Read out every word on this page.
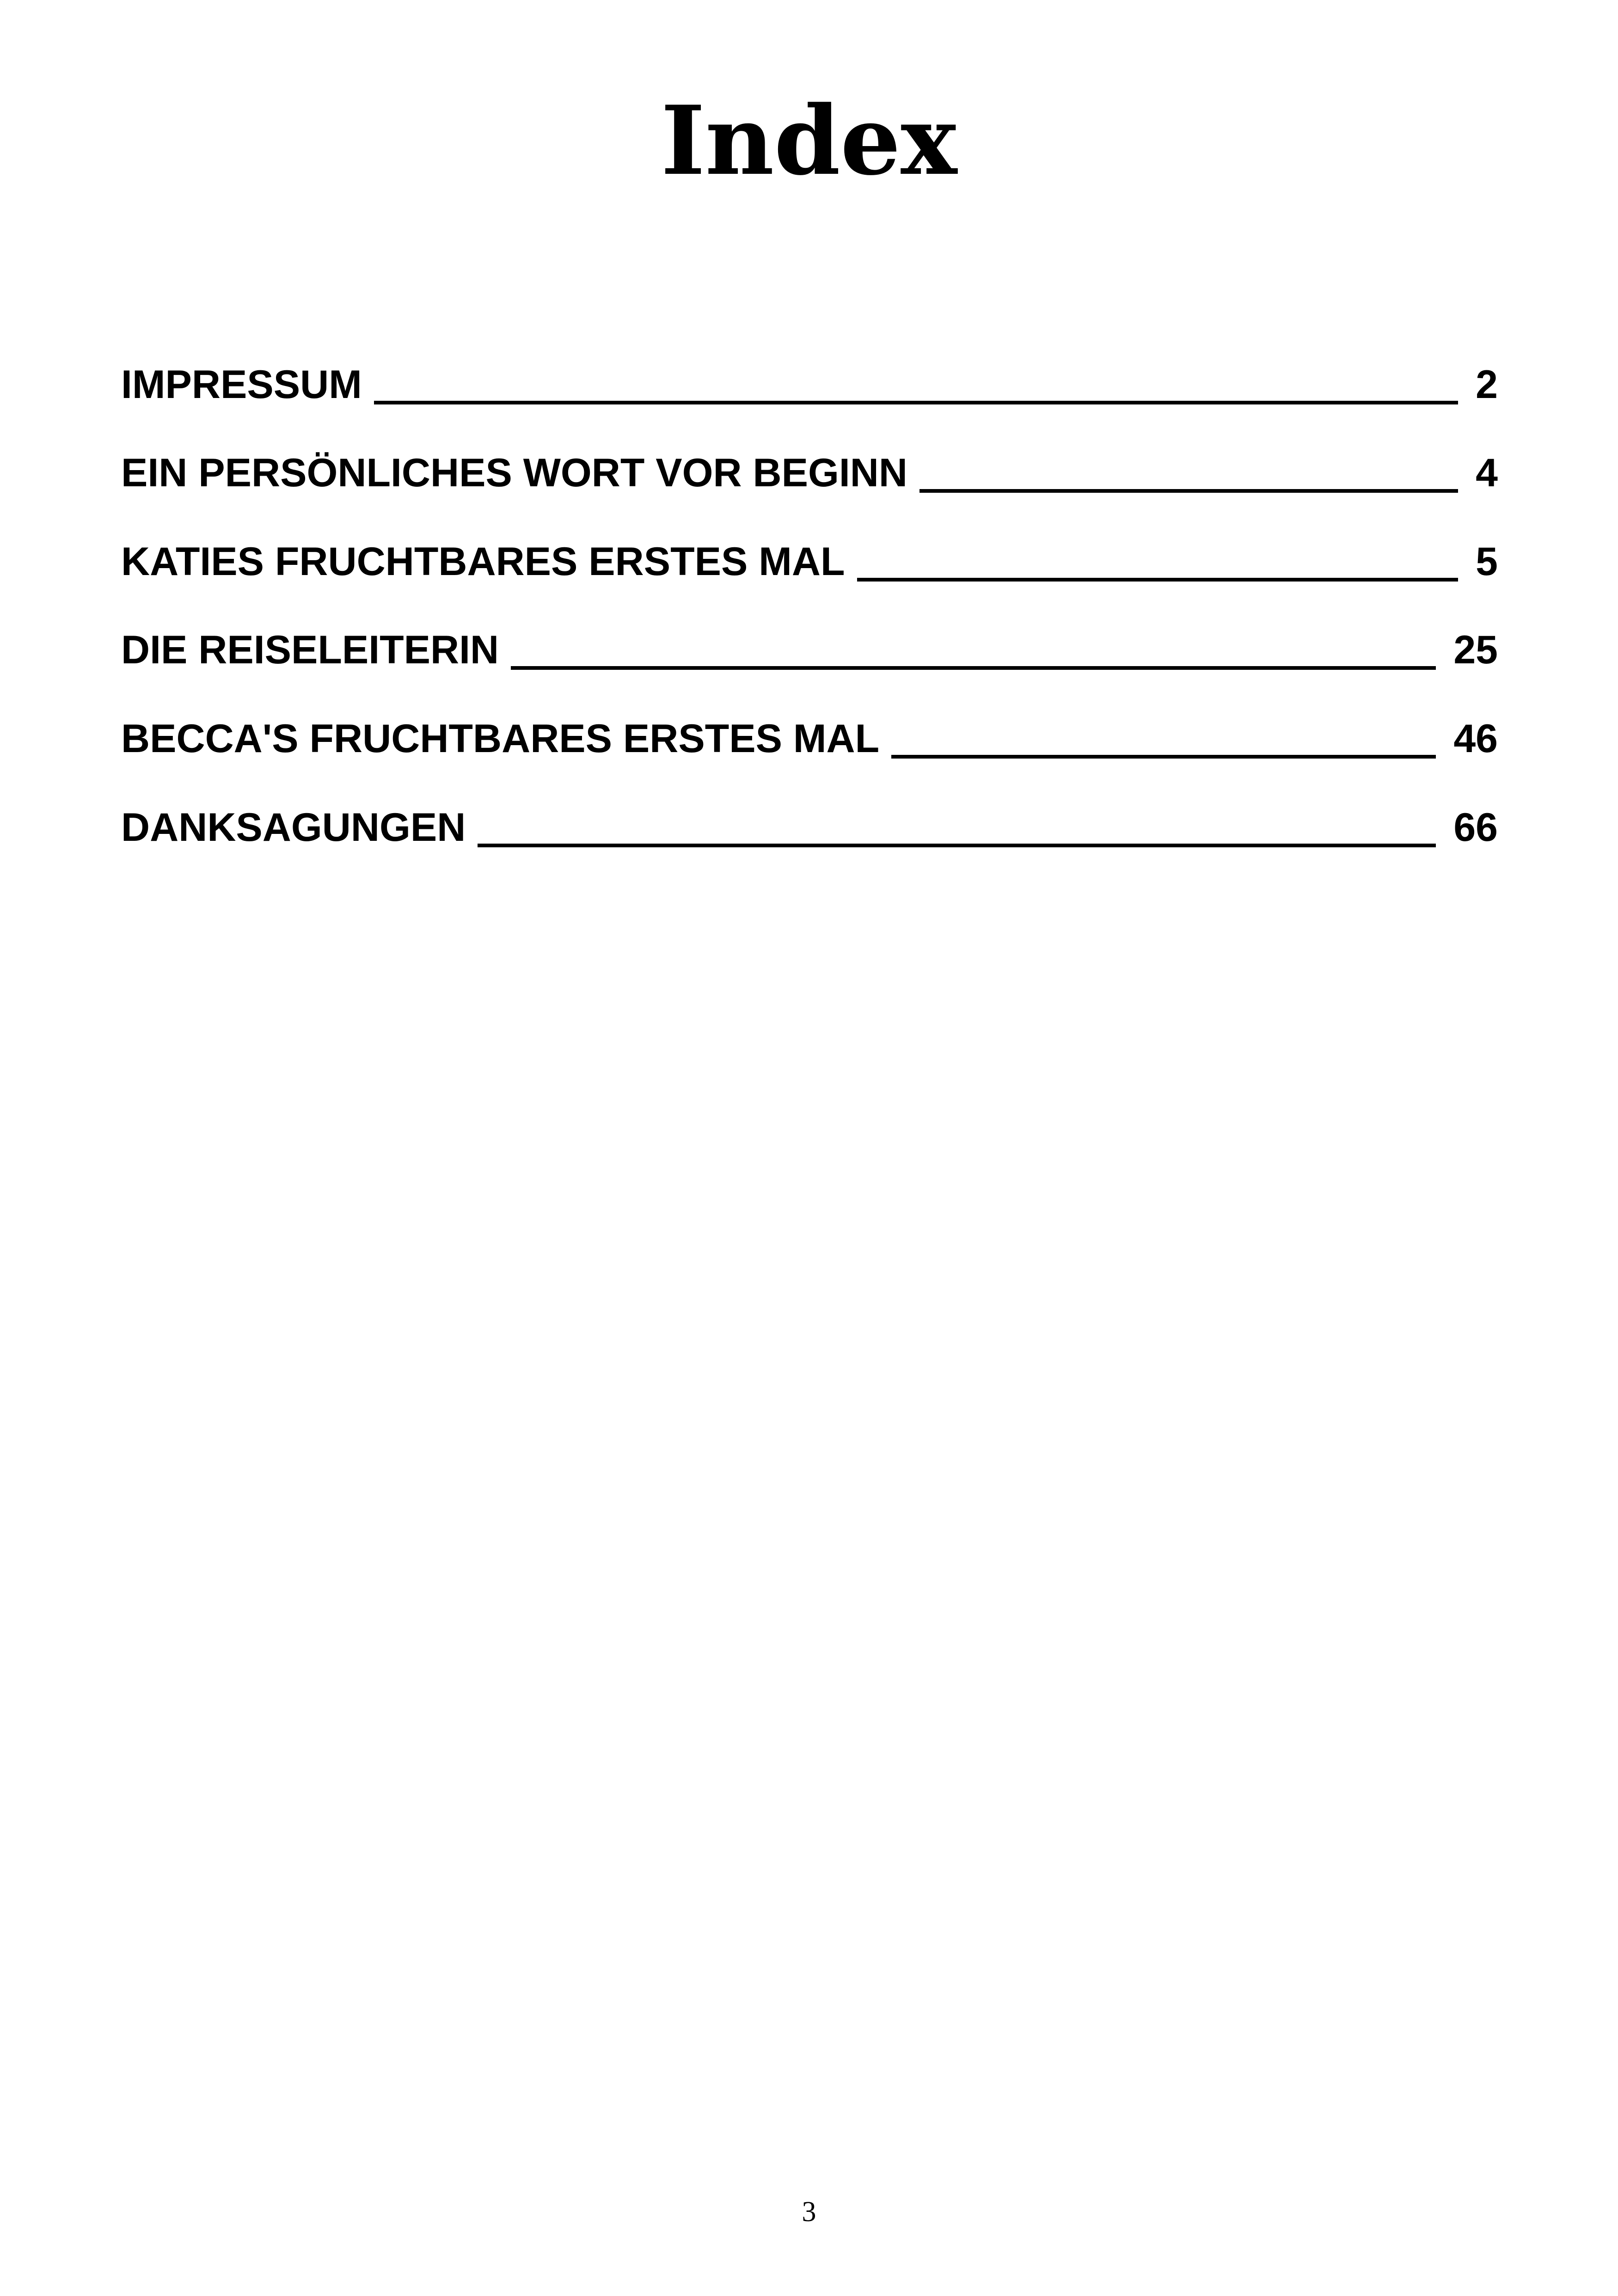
Index
IMPRESSUM	2
EIN PERSÖNLICHES WORT VOR BEGINN	4
KATIES FRUCHTBARES ERSTES MAL	5
DIE REISELEITERIN	25
BECCA'S FRUCHTBARES ERSTES MAL	46
DANKSAGUNGEN	66
3
